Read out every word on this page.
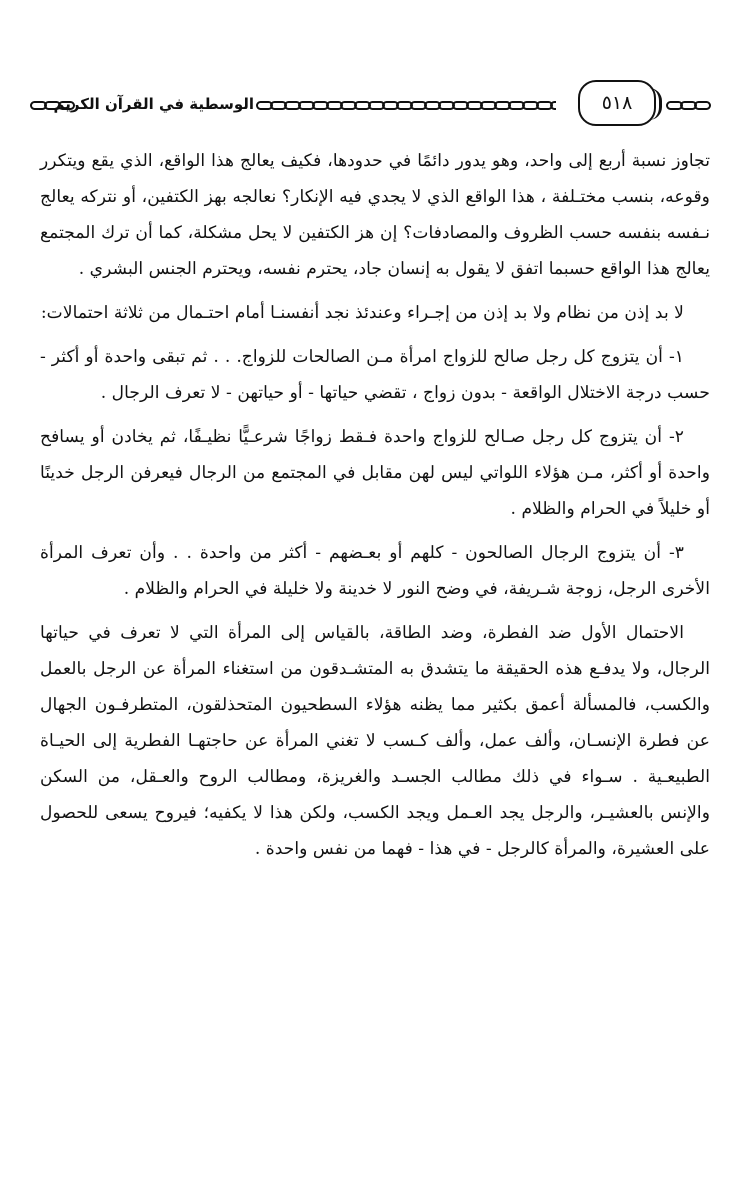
الوسطية في القرآن الكريم	٥١٨

تجاوز نسبة أربع إلى واحد، وهو يدور دائمًا في حدودها، فكيف يعالج هذا الواقع، الذي يقع ويتكرر وقوعه، بنسب مختـلفة ، هذا الواقع الذي لا يجدي فيه الإنكار؟ نعالجه بهز الكتفين، أو نتركه يعالج نـفسه بنفسه حسب الظروف والمصادفات؟ إن هز الكتفين لا يحل مشكلة، كما أن ترك المجتمع يعالج هذا الواقع حسبما اتفق لا يقول به إنسان جاد، يحترم نفسه، ويحترم الجنس البشري .

لا بد إذن من نظام ولا بد إذن من إجـراء وعندئذ نجد أنفسنـا أمام احتـمال من ثلاثة احتمالات:

١- أن يتزوج كل رجل صالح للزواج امرأة مـن الصالحات للزواج. . . ثم تبقى واحدة أو أكثر - حسب درجة الاختلال الواقعة - بدون زواج ، تقضي حياتها - أو حياتهن - لا تعرف الرجال .

٢- أن يتزوج كل رجل صـالح للزواج واحدة فـقط زواجًا شرعـيًّا نظيـفًا، ثم يخادن أو يسافح واحدة أو أكثر، مـن هؤلاء اللواتي ليس لهن مقابل في المجتمع من الرجال فيعرفن الرجل خدينًا أو خليلاً في الحرام والظلام .

٣- أن يتزوج الرجال الصالحون - كلهم أو بعـضهم - أكثر من واحدة . . وأن تعرف المرأة الأخرى الرجل، زوجة شـريفة، في وضح النور لا خدينة ولا خليلة في الحرام والظلام .

الاحتمال الأول ضد الفطرة، وضد الطاقة، بالقياس إلى المرأة التي لا تعرف في حياتها الرجال، ولا يدفـع هذه الحقيقة ما يتشدق به المتشـدقون من استغناء المرأة عن الرجل بالعمل والكسب، فالمسألة أعمق بكثير مما يظنه هؤلاء السطحيون المتحذلقون، المتطرفـون الجهال عن فطرة الإنسـان، وألف عمل، وألف كـسب لا تغني المرأة عن حاجتهـا الفطرية إلى الحيـاة الطبيعـية . سـواء في ذلك مطالب الجسـد والغريزة، ومطالب الروح والعـقل، من السكن والإنس بالعشيـر، والرجل يجد العـمل ويجد الكسب، ولكن هذا لا يكفيه؛ فيروح يسعى للحصول على العشيرة، والمرأة كالرجل - في هذا - فهما من نفس واحدة .
